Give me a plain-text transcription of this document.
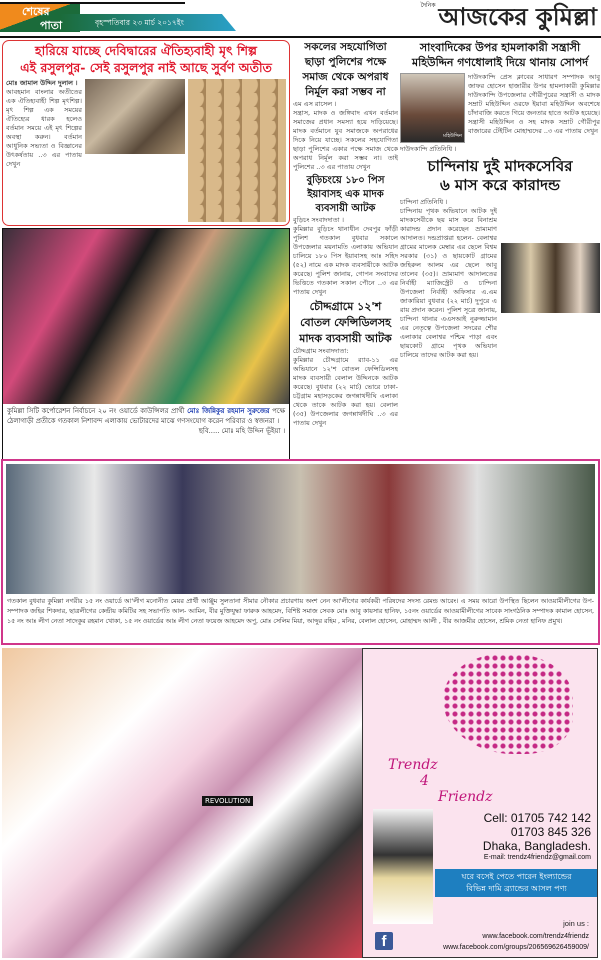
শেষের
পাতা	বৃহস্পতিবার ২৩ মার্চ ২০১৭ইং
দৈনিক আজকের কুমিল্লা
হারিয়ে যাচ্ছে দেবিদ্বারের ঐতিহ্যবাহী মৃৎ শিল্প
এই রসুলপুর- সেই রসুলপুর নাই আছে সুর্বণ অতীত
মোঃ জামাল উদ্দিন দুলাল ।
আবহমান বাংলার অতীতের এক ঐতিহ্যবাহী শিল্প মৃৎশিল্প। মৃৎ শিল্প এক সময়ের ঐতিহ্যের ধারক হলেও বর্তমান সময়ে এই মৃৎ শিল্পের অবস্থা করুন। বর্তমান আধুনিক সভ্যতা ও বিজ্ঞানের উৎকর্ষতায় ..৩ এর পাতায় দেখুন
কুমিল্লা সিটি কর্পোরেশন নির্বাচনে ২০ নং ওয়ার্ডে কাউন্সিলর প্রার্থী মোঃ জিন্নিকুর রহমান সুরুজের পক্ষে ঠেলাগাড়ী প্রতীকে গতকাল নিশাবন্দ এলাকায় ভোটারদের মাঝে গণসংযোগ করেন পরিবার ও স্বজনরা ।
ছবি..... মোঃ মহি উদ্দিন ভূঁইয়া ।
সকলের সহযোগিতা ছাড়া পুলিশের পক্ষে সমাজ থেকে অপরাধ নির্মূল করা সম্ভব না
এম এস রাসেল ।
সন্ত্রাস, মাদক ও জঙ্গিবাদ এখন বর্তমান সমাজের প্রধান সমস্যা হয়ে দাড়িয়েছে। মাদক বর্তমানে যুব সমাজকে অপরাধের দিকে নিয়ে যাচ্ছে। সকলের সহযোগিতা ছাড়া পুলিশের একার পক্ষে সমাজ থেকে অপরাধ নির্মূল করা সম্ভব না। তাই পুলিশের ..৩ এর পাতায় দেখুন
বুড়িচংয়ে ১৮০ পিস ইয়াবাসহ এক মাদক ব্যবসায়ী আটক
বুড়িচং সংবাদদাতা ।
কুমিল্লার বুড়িচং থানাধীন দেবপুর ফাঁড়ী পুলিশ গতকাল বুধবার সকালে উপজেলার ময়নামতি এলাকায় অভিযান চালিয়ে ১৮০ পিস ইয়াবাসহ আঃ সহিদ (৫২) নামে এক মাদক ব্যবসায়ীকে আটক করেছে। পুলিশ জানায়, গোপন সংবাদের ভিত্তিতে গতকাল সকাল পৌনে ..৩ এর পাতায় দেখুন
চৌদ্দগ্রামে ১২'শ বোতল ফেন্সিডিলসহ মাদক ব্যবসায়ী আটক
চৌদ্দগ্রাম সংবাদদাতা:
কুমিল্লার চৌদ্দগ্রামে র‌্যাব-১১ এর অভিযানে ১২'শ বোতল ফেন্সিডিলসহ মাদক ব্যবসায়ী বেলাল উদ্দিনকে আটক করেছে। বুধবার (২২ মার্চ) ভোরে ঢাকা-চট্টগ্রাম মহাসড়কের জগন্নাথদীঘি এলাকা থেকে তাকে আটক করা হয়। বেলাল (৩৫) উপজেলার জগন্নাথদীঘি ..৩ এর পাতায় দেখুন
সাংবাদিকের উপর হামলাকারী সন্ত্রাসী মহিউদ্দিন গণধোলাই দিয়ে থানায় সোপর্দ
মহিউদ্দিন
দাউদকান্দি প্রতিনিধি ।
দাউদকান্দি প্রেস ক্লাবের সাধারণ সম্পাদক আবু জাফর হোসেন হাজারীর উপর হামলাকারী কুমিল্লার দাউদকান্দি উপজেলার গৌরীপুরের সন্ত্রাসী ও মাদক সম্রাট মহিউদ্দিন ওরফে ইয়াবা মহিউদ্দিন অবশেষে চাঁদাবাজি করতে গিয়ে জনতার হাতে আটক হয়েছে। সন্ত্রাসী মহিউদ্দিন ও সহ মাদক সম্রাট গৌরীপুর বাজারের টেইটিন মোহাম্মদের ..৩ এর পাতায় দেখুন
চান্দিনায় দুই মাদকসেবির
৬ মাস করে কারাদন্ড
চান্দিনা প্রতিনিধি ।
চান্দিনায় পৃথক অভিযানে আটক দুই মাদকসেবীকে ছয় মাস করে বিনাশ্রম কারাদন্ড প্রদান করেছেন ভ্রাম্যমাণ আদালত। দন্ডপ্রাপ্তরা হলেন- বেলাশ্বর গ্রামের মালেক মেম্বার এর ছেলে বিশ্বম সরকার (৩১) ও ছায়কোট গ্রামের জহিরুল আলম এর ছেলে আবু তালেব (৩৫)। ভ্রাম্যমাণ আদালতের নির্বাহী ম্যাজিস্ট্রেট ও চান্দিনা উপজেলা নির্বাহী অফিসার এ.এম জাকারিয়া বুধবার (২২ মার্চ) দুপুরে এ রায় প্রদান করেন। পুলিশ সূত্রে জানায়, চান্দিনা থানার এএসআই নুরুজ্জামান এর নেতৃত্বে উপজেলা সদরের শৌর এলাকার বেলাশ্বর পশ্চিম পাড়া এবং ছায়কোট গ্রামে পৃথক অভিযান চালিয়ে তাদের আটক করা হয়।
গতকাল বুধবার কুমিল্লা নগরীর ১৫ নং ওয়ার্ডে আ'লীগ মনোনীত মেয়র প্রার্থী আঞ্জুম সুলতানা সীমার নৌকার প্রচারণায় অংশ নেন আ'লীগের কার্যকরী পরিষদের সদস্য রেমন্ড আরেং। এ সময় আরো উপস্থিত ছিলেন আওয়ামীলীগের উপ-সম্পাদক জহির শিকদার, ছাত্রলীগের কেন্দ্রীয় কমিটির সহ সভাপতি আল- আমিন, বীর মুক্তিযুদ্ধা ফারুক আহমেদ, বিশিষ্ট সমাজ সেবক মোঃ আবু কায়সার হানিফ, ১৫নং ওয়ার্ডের আওয়ামীলীগের সাবেক সাংগঠনিক সম্পাদক কামাল হোসেন, ১৫ নং আঃ লীগ নেতা সাদেকুর রহমান খোকা, ১৫ নং ওয়ার্ডের আঃ লীগ নেতা ফয়েজ আহমেদ অপু, মোঃ সেলিম মিয়া, আব্দুর রহিম , মনির, বেলাল হোসেন, মোহাম্মদ আলী , বীর আজমীর হোসেন, শ্রমিক নেতা হানিফ প্রমুখ।
REVOLUTION
Trendz
4
Friendz
Cell: 01705 742 142
01703 845 326
Dhaka, Bangladesh.
E-mail: trendz4friendz@gmail.com
ঘরে বসেই পেতে পারেন ইংল্যান্ডের
বিভিন্ন দামি ব্র্যান্ডের আসল পণ্য
join us :
f	www.facebook.com/trendz4friendz
www.facebook.com/groups/206569626459009/
